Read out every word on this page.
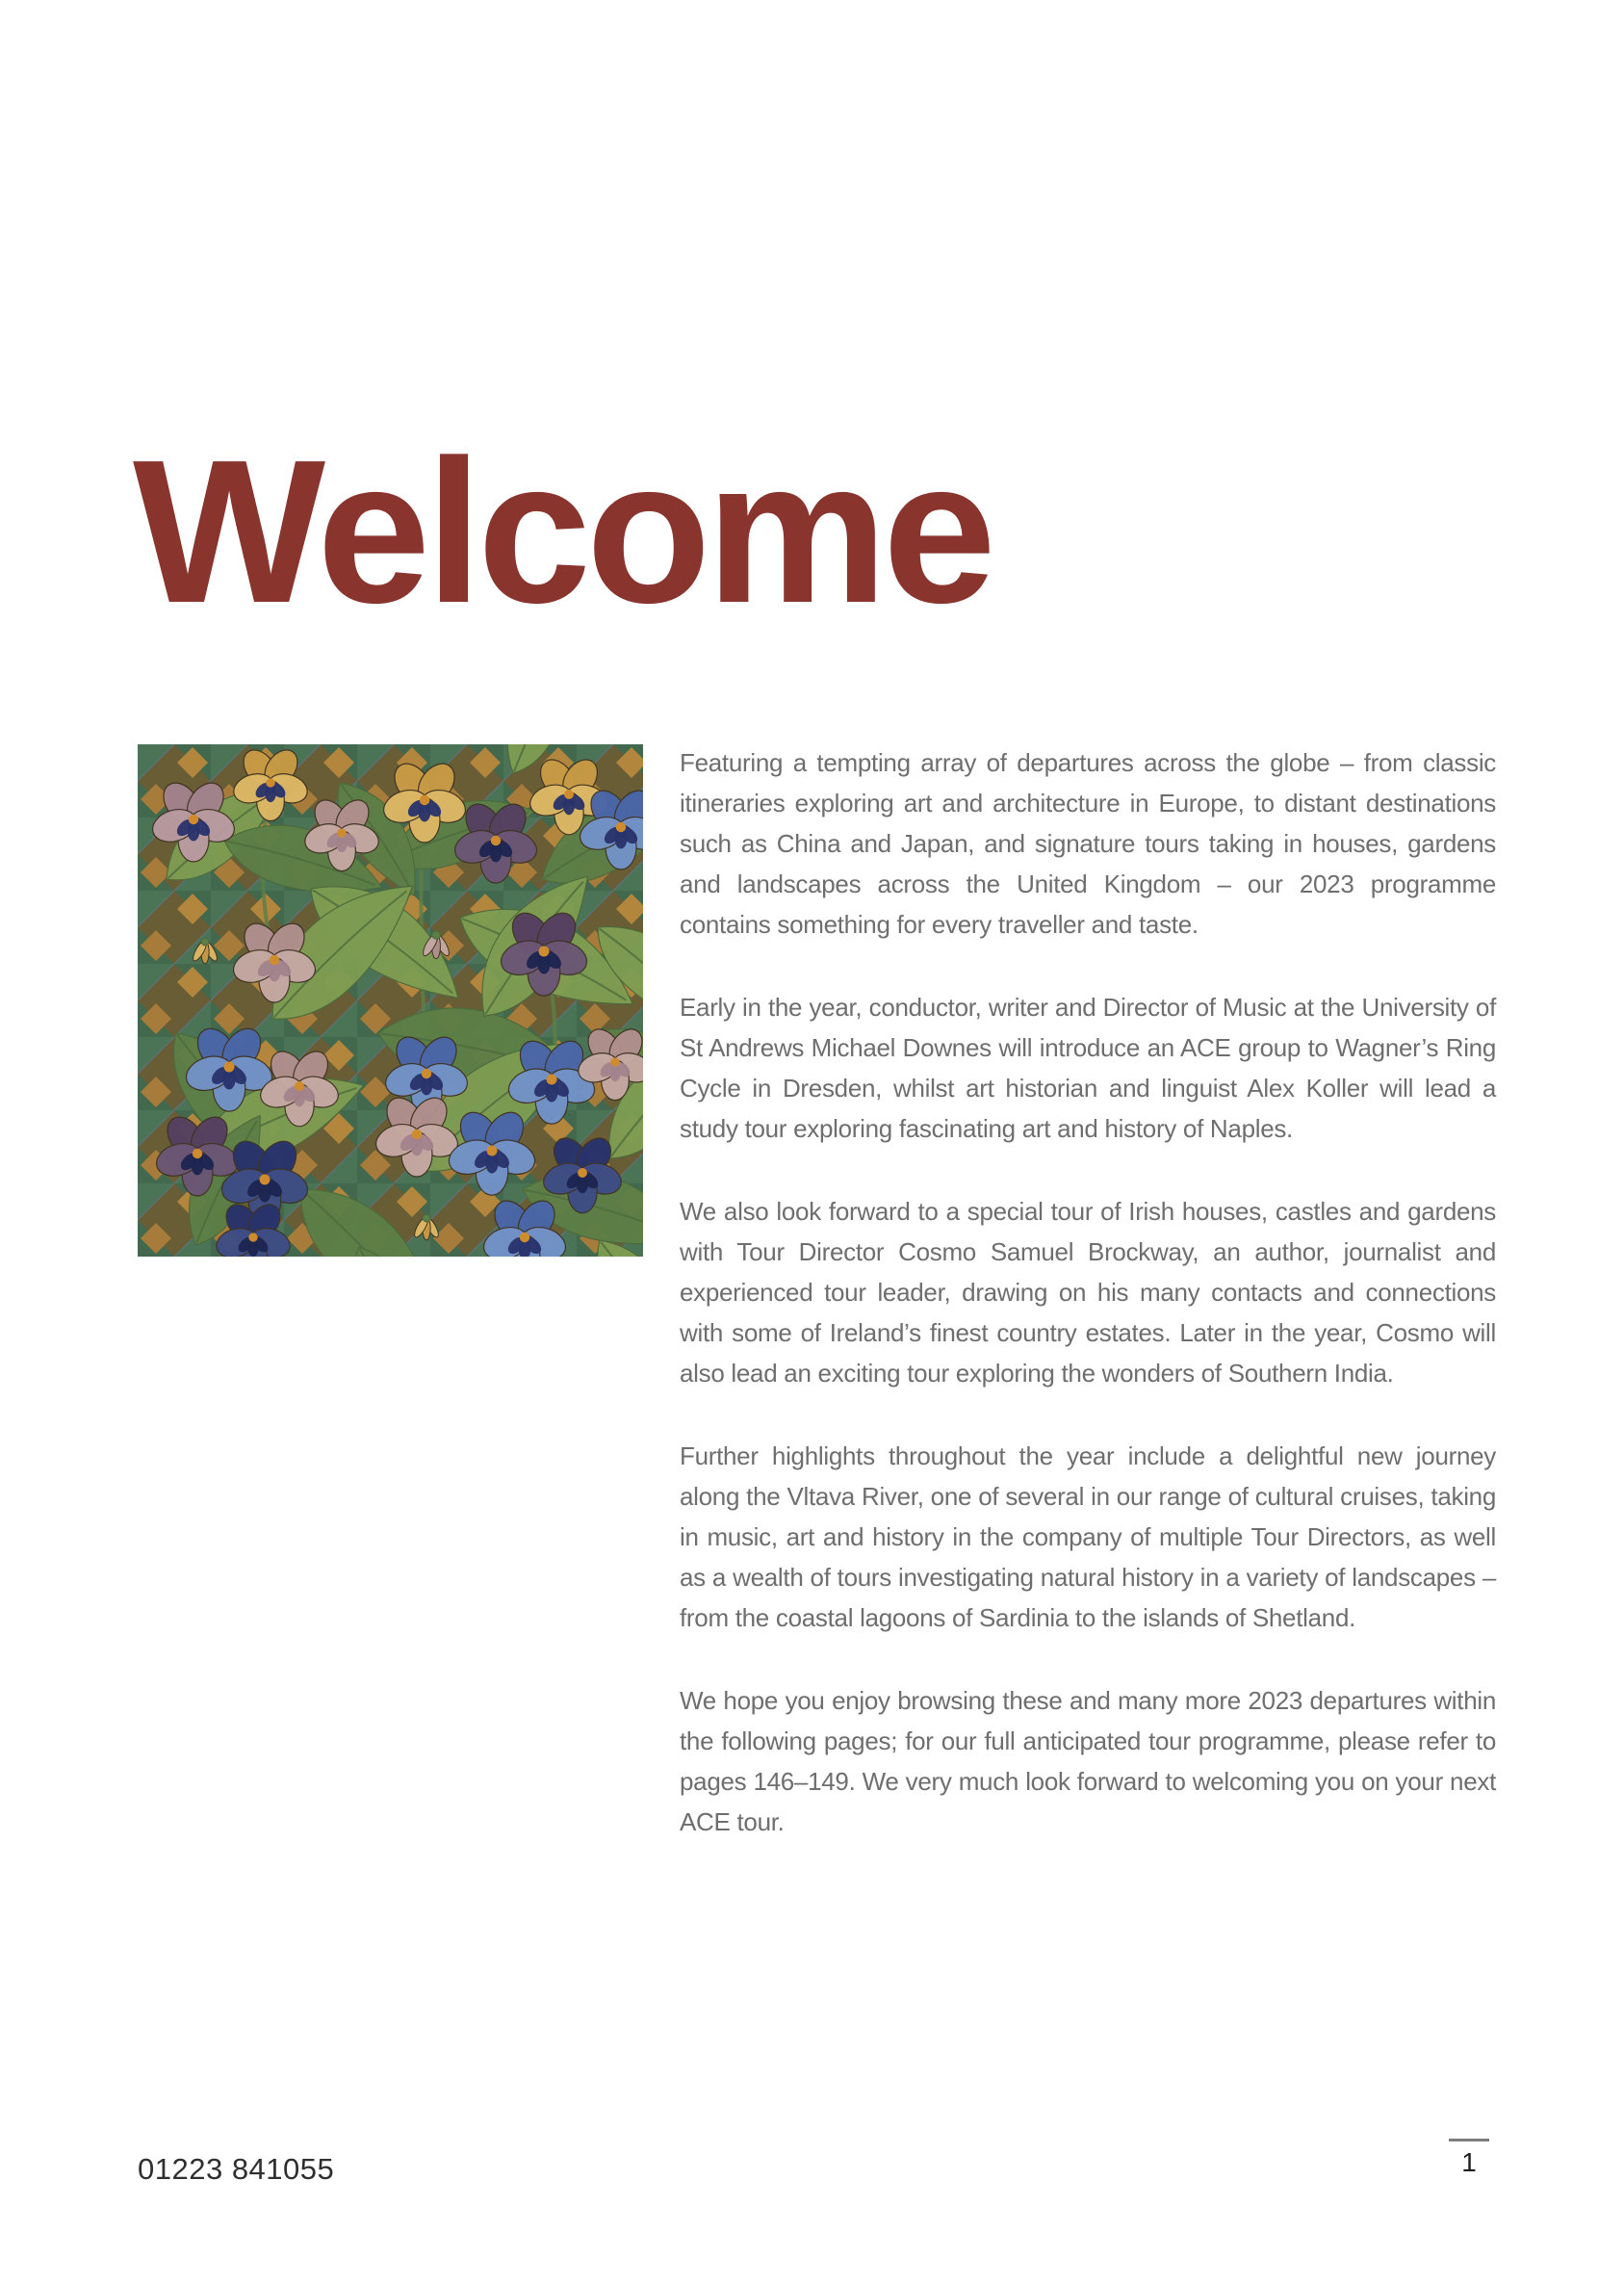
Welcome

Featuring a tempting array of departures across the globe – from classic itineraries exploring art and architecture in Europe, to distant destinations such as China and Japan, and signature tours taking in houses, gardens and landscapes across the United Kingdom – our 2023 programme contains something for every traveller and taste.

Early in the year, conductor, writer and Director of Music at the University of St Andrews Michael Downes will introduce an ACE group to Wagner’s Ring Cycle in Dresden, whilst art historian and linguist Alex Koller will lead a study tour exploring fascinating art and history of Naples.

We also look forward to a special tour of Irish houses, castles and gardens with Tour Director Cosmo Samuel Brockway, an author, journalist and experienced tour leader, drawing on his many contacts and connections with some of Ireland’s finest country estates. Later in the year, Cosmo will also lead an exciting tour exploring the wonders of Southern India.

Further highlights throughout the year include a delightful new journey along the Vltava River, one of several in our range of cultural cruises, taking in music, art and history in the company of multiple Tour Directors, as well as a wealth of tours investigating natural history in a variety of landscapes – from the coastal lagoons of Sardinia to the islands of Shetland.

We hope you enjoy browsing these and many more 2023 departures within the following pages; for our full anticipated tour programme, please refer to pages 146–149. We very much look forward to welcoming you on your next ACE tour.

01223 841055	1
